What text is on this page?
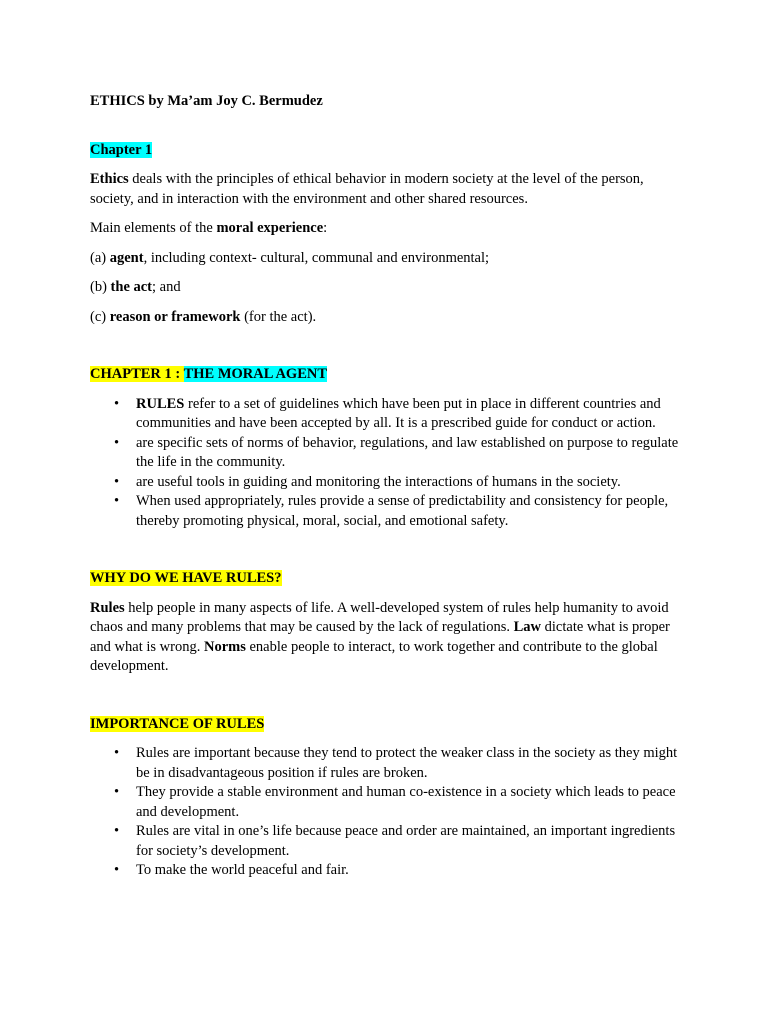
ETHICS by Ma’am Joy C. Bermudez

Chapter 1

Ethics deals with the principles of ethical behavior in modern society at the level of the person, society, and in interaction with the environment and other shared resources.

Main elements of the moral experience:

(a) agent, including context- cultural, communal and environmental;

(b) the act; and

(c) reason or framework (for the act).

CHAPTER 1 : THE MORAL AGENT

• RULES refer to a set of guidelines which have been put in place in different countries and communities and have been accepted by all. It is a prescribed guide for conduct or action.
• are specific sets of norms of behavior, regulations, and law established on purpose to regulate the life in the community.
• are useful tools in guiding and monitoring the interactions of humans in the society.
• When used appropriately, rules provide a sense of predictability and consistency for people, thereby promoting physical, moral, social, and emotional safety.

WHY DO WE HAVE RULES?

Rules help people in many aspects of life. A well-developed system of rules help humanity to avoid chaos and many problems that may be caused by the lack of regulations. Law dictate what is proper and what is wrong. Norms enable people to interact, to work together and contribute to the global development.

IMPORTANCE OF RULES

• Rules are important because they tend to protect the weaker class in the society as they might be in disadvantageous position if rules are broken.
• They provide a stable environment and human co-existence in a society which leads to peace and development.
• Rules are vital in one’s life because peace and order are maintained, an important ingredients for society’s development.
• To make the world peaceful and fair.
